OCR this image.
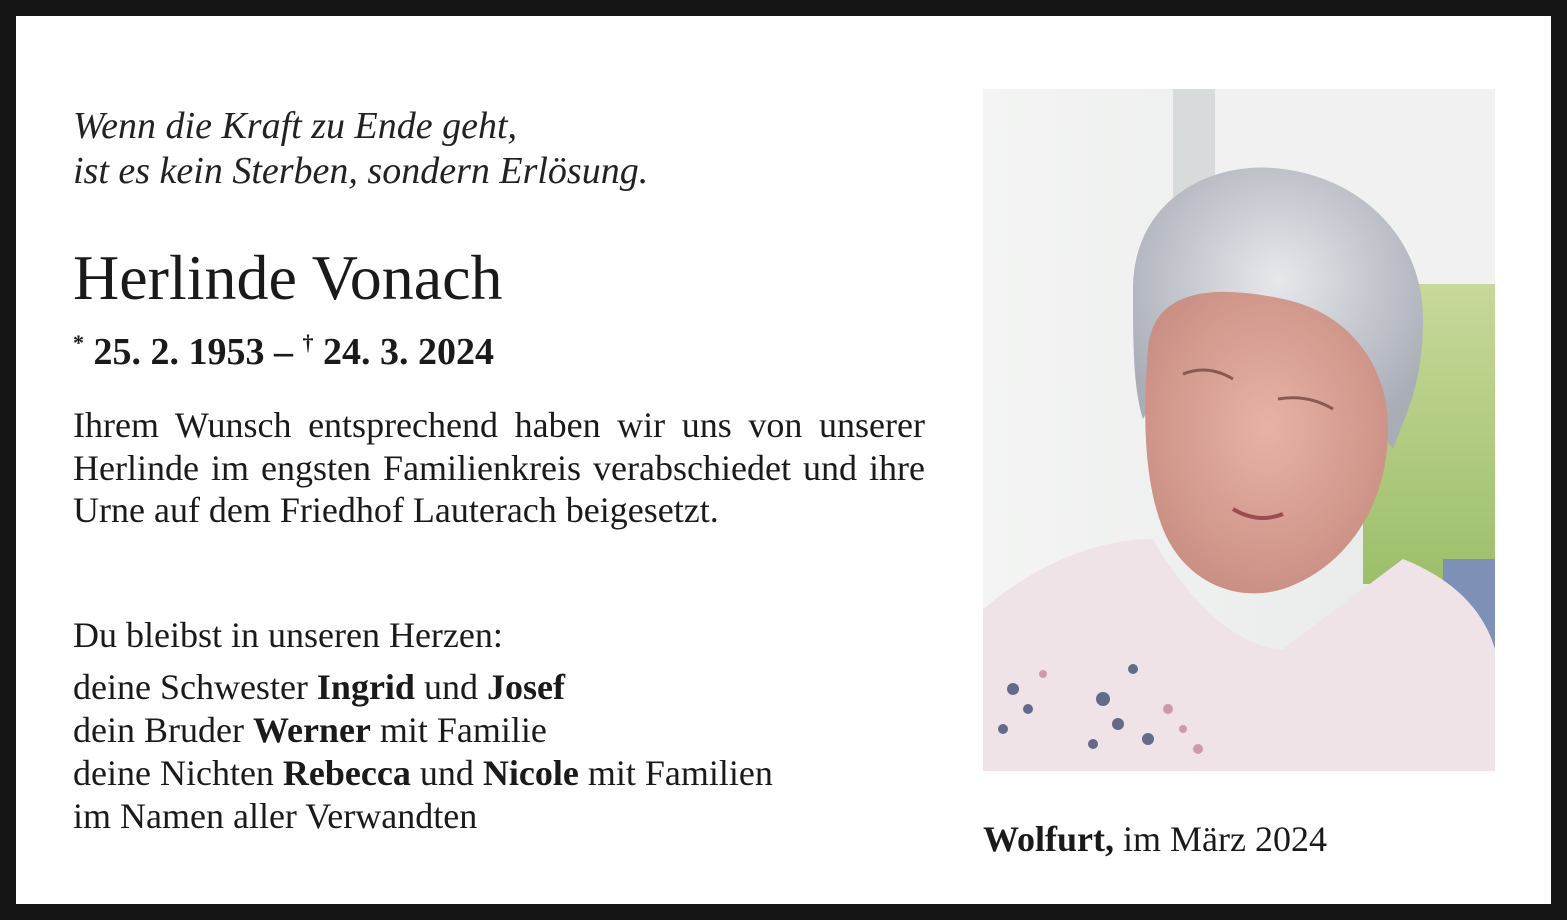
Wenn die Kraft zu Ende geht,
ist es kein Sterben, sondern Erlösung.
Herlinde Vonach
* 25. 2. 1953 – † 24. 3. 2024
Ihrem Wunsch entsprechend haben wir uns von unserer Herlinde im engsten Familienkreis verabschiedet und ihre Urne auf dem Friedhof Lauterach beigesetzt.
Du bleibst in unseren Herzen:
deine Schwester Ingrid und Josef
dein Bruder Werner mit Familie
deine Nichten Rebecca und Nicole mit Familien
im Namen aller Verwandten
Wolfurt, im März 2024
